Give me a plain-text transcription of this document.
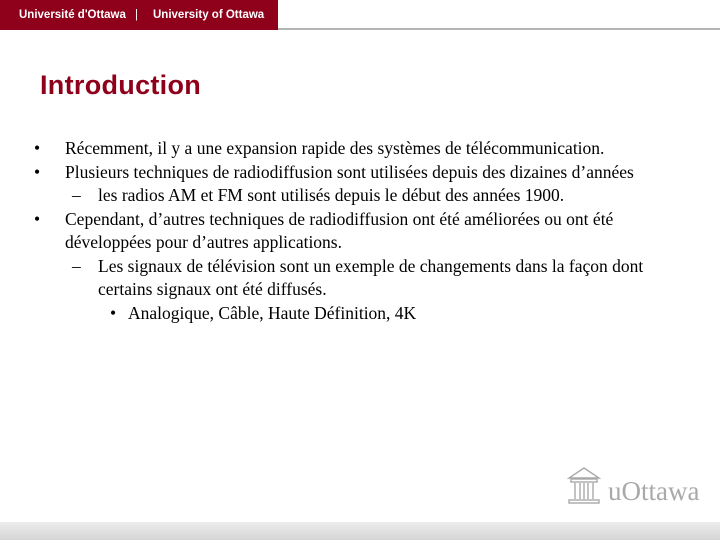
Université d'Ottawa | University of Ottawa
Introduction
• Récemment, il y a une expansion rapide des systèmes de télécommunication.
• Plusieurs techniques de radiodiffusion sont utilisées depuis des dizaines d’années
– les radios AM et FM sont utilisés depuis le début des années 1900.
• Cependant, d’autres techniques de radiodiffusion ont été améliorées ou ont été développées pour d’autres applications.
– Les signaux de télévision sont un exemple de changements dans la façon dont certains signaux ont été diffusés.
• Analogique, Câble, Haute Définition, 4K
uOttawa
